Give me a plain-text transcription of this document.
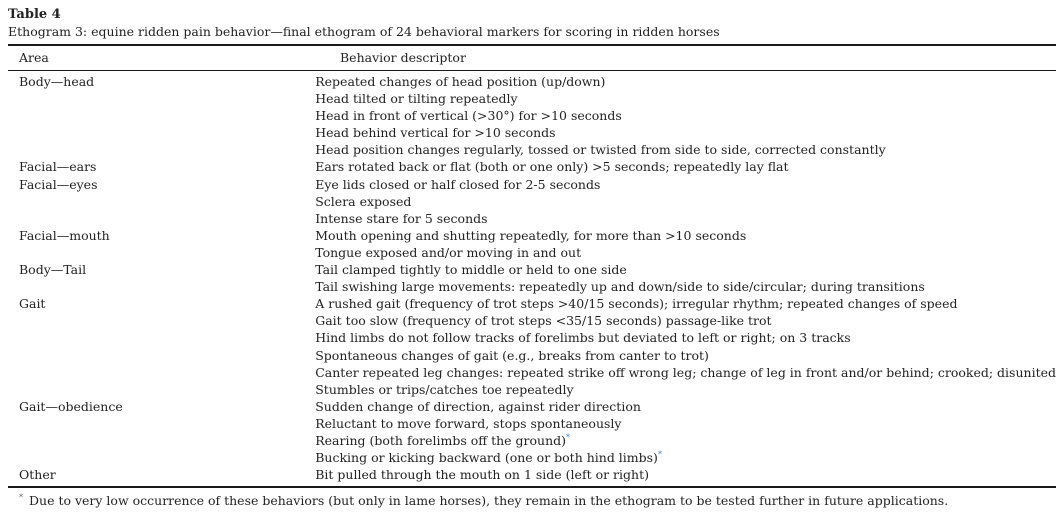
Table 4

Ethogram 3: equine ridden pain behavior—final ethogram of 24 behavioral markers for scoring in ridden horses

Area	Behavior descriptor
Body—head	Repeated changes of head position (up/down)
	Head tilted or tilting repeatedly
	Head in front of vertical (>30°) for >10 seconds
	Head behind vertical for >10 seconds
	Head position changes regularly, tossed or twisted from side to side, corrected constantly
Facial—ears	Ears rotated back or flat (both or one only) >5 seconds; repeatedly lay flat
Facial—eyes	Eye lids closed or half closed for 2-5 seconds
	Sclera exposed
	Intense stare for 5 seconds
Facial—mouth	Mouth opening and shutting repeatedly, for more than >10 seconds
	Tongue exposed and/or moving in and out
Body—Tail	Tail clamped tightly to middle or held to one side
	Tail swishing large movements: repeatedly up and down/side to side/circular; during transitions
Gait	A rushed gait (frequency of trot steps >40/15 seconds); irregular rhythm; repeated changes of speed
	Gait too slow (frequency of trot steps <35/15 seconds) passage-like trot
	Hind limbs do not follow tracks of forelimbs but deviated to left or right; on 3 tracks
	Spontaneous changes of gait (e.g., breaks from canter to trot)
	Canter repeated leg changes: repeated strike off wrong leg; change of leg in front and/or behind; crooked; disunited
	Stumbles or trips/catches toe repeatedly
Gait—obedience	Sudden change of direction, against rider direction
	Reluctant to move forward, stops spontaneously
	Rearing (both forelimbs off the ground)*
	Bucking or kicking backward (one or both hind limbs)*
Other	Bit pulled through the mouth on 1 side (left or right)
* Due to very low occurrence of these behaviors (but only in lame horses), they remain in the ethogram to be tested further in future applications.
